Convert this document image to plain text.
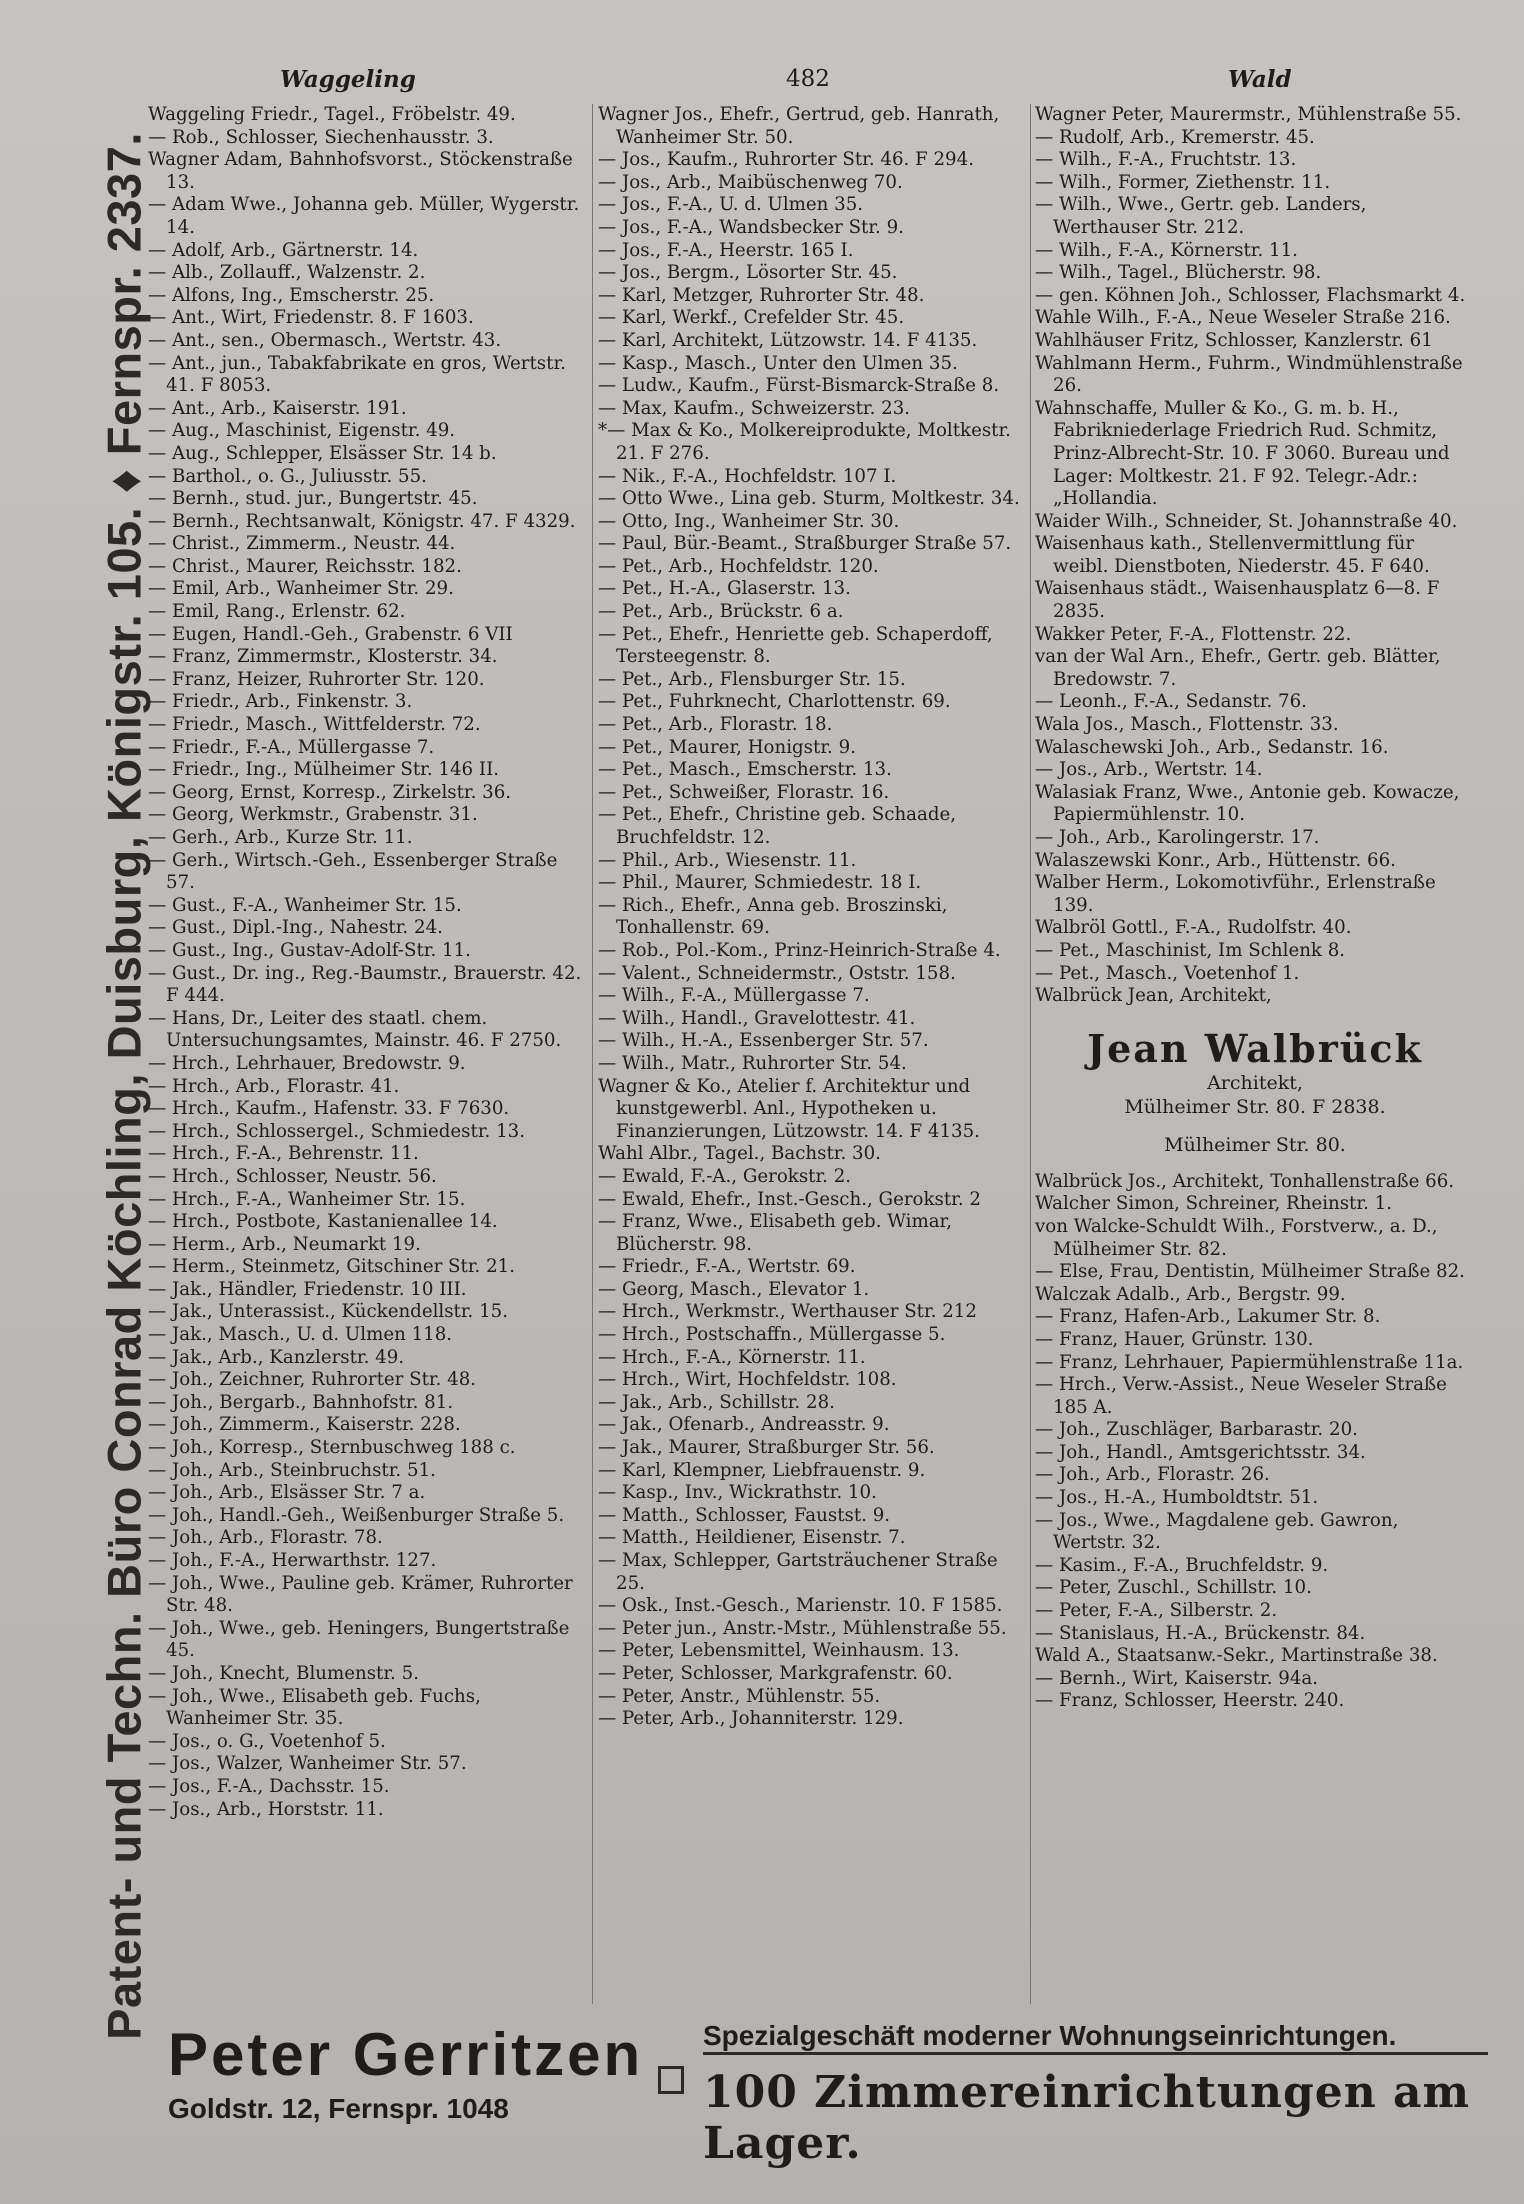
Patent- und Techn. Büro Conrad Köchling, Duisburg, Königstr. 105. ♦ Fernspr. 2337.
Waggeling	482	Wald
Waggeling Friedr., Tagel., Fröbelstr. 49.
— Rob., Schlosser, Siechenhausstr. 3.
Wagner Adam, Bahnhofsvorst., Stöckenstraße 13.
— Adam Wwe., Johanna geb. Müller, Wygerstr. 14.
— Adolf, Arb., Gärtnerstr. 14.
— Alb., Zollauff., Walzenstr. 2.
— Alfons, Ing., Emscherstr. 25.
— Ant., Wirt, Friedenstr. 8. F 1603.
— Ant., sen., Obermasch., Wertstr. 43.
— Ant., jun., Tabakfabrikate en gros, Wertstr. 41. F 8053.
— Ant., Arb., Kaiserstr. 191.
— Aug., Maschinist, Eigenstr. 49.
— Aug., Schlepper, Elsässer Str. 14 b.
— Barthol., o. G., Juliusstr. 55.
— Bernh., stud. jur., Bungertstr. 45.
— Bernh., Rechtsanwalt, Königstr. 47. F 4329.
— Christ., Zimmerm., Neustr. 44.
— Christ., Maurer, Reichsstr. 182.
— Emil, Arb., Wanheimer Str. 29.
— Emil, Rang., Erlenstr. 62.
— Eugen, Handl.-Geh., Grabenstr. 6 VII
— Franz, Zimmermstr., Klosterstr. 34.
— Franz, Heizer, Ruhrorter Str. 120.
— Friedr., Arb., Finkenstr. 3.
— Friedr., Masch., Wittfelderstr. 72.
— Friedr., F.-A., Müllergasse 7.
— Friedr., Ing., Mülheimer Str. 146 II.
— Georg, Ernst, Korresp., Zirkelstr. 36.
— Georg, Werkmstr., Grabenstr. 31.
— Gerh., Arb., Kurze Str. 11.
— Gerh., Wirtsch.-Geh., Essenberger Straße 57.
— Gust., F.-A., Wanheimer Str. 15.
— Gust., Dipl.-Ing., Nahestr. 24.
— Gust., Ing., Gustav-Adolf-Str. 11.
— Gust., Dr. ing., Reg.-Baumstr., Brauerstr. 42. F 444.
— Hans, Dr., Leiter des staatl. chem. Untersuchungsamtes, Mainstr. 46. F 2750.
— Hrch., Lehrhauer, Bredowstr. 9.
— Hrch., Arb., Florastr. 41.
— Hrch., Kaufm., Hafenstr. 33. F 7630.
— Hrch., Schlossergel., Schmiedestr. 13.
— Hrch., F.-A., Behrenstr. 11.
— Hrch., Schlosser, Neustr. 56.
— Hrch., F.-A., Wanheimer Str. 15.
— Hrch., Postbote, Kastanienallee 14.
— Herm., Arb., Neumarkt 19.
— Herm., Steinmetz, Gitschiner Str. 21.
— Jak., Händler, Friedenstr. 10 III.
— Jak., Unterassist., Kückendellstr. 15.
— Jak., Masch., U. d. Ulmen 118.
— Jak., Arb., Kanzlerstr. 49.
— Joh., Zeichner, Ruhrorter Str. 48.
— Joh., Bergarb., Bahnhofstr. 81.
— Joh., Zimmerm., Kaiserstr. 228.
— Joh., Korresp., Sternbuschweg 188 c.
— Joh., Arb., Steinbruchstr. 51.
— Joh., Arb., Elsässer Str. 7 a.
— Joh., Handl.-Geh., Weißenburger Straße 5.
— Joh., Arb., Florastr. 78.
— Joh., F.-A., Herwarthstr. 127.
— Joh., Wwe., Pauline geb. Krämer, Ruhrorter Str. 48.
— Joh., Wwe., geb. Heningers, Bungertstraße 45.
— Joh., Knecht, Blumenstr. 5.
— Joh., Wwe., Elisabeth geb. Fuchs, Wanheimer Str. 35.
— Jos., o. G., Voetenhof 5.
— Jos., Walzer, Wanheimer Str. 57.
— Jos., F.-A., Dachsstr. 15.
— Jos., Arb., Horststr. 11.
Wagner Jos., Ehefr., Gertrud, geb. Hanrath, Wanheimer Str. 50.
— Jos., Kaufm., Ruhrorter Str. 46. F 294.
— Jos., Arb., Maibüschenweg 70.
— Jos., F.-A., U. d. Ulmen 35.
— Jos., F.-A., Wandsbecker Str. 9.
— Jos., F.-A., Heerstr. 165 I.
— Jos., Bergm., Lösorter Str. 45.
— Karl, Metzger, Ruhrorter Str. 48.
— Karl, Werkf., Crefelder Str. 45.
— Karl, Architekt, Lützowstr. 14. F 4135.
— Kasp., Masch., Unter den Ulmen 35.
— Ludw., Kaufm., Fürst-Bismarck-Straße 8.
— Max, Kaufm., Schweizerstr. 23.
*— Max & Ko., Molkereiprodukte, Moltkestr. 21. F 276.
— Nik., F.-A., Hochfeldstr. 107 I.
— Otto Wwe., Lina geb. Sturm, Moltkestr. 34.
— Otto, Ing., Wanheimer Str. 30.
— Paul, Bür.-Beamt., Straßburger Straße 57.
— Pet., Arb., Hochfeldstr. 120.
— Pet., H.-A., Glaserstr. 13.
— Pet., Arb., Brückstr. 6 a.
— Pet., Ehefr., Henriette geb. Schaperdoff, Tersteegenstr. 8.
— Pet., Arb., Flensburger Str. 15.
— Pet., Fuhrknecht, Charlottenstr. 69.
— Pet., Arb., Florastr. 18.
— Pet., Maurer, Honigstr. 9.
— Pet., Masch., Emscherstr. 13.
— Pet., Schweißer, Florastr. 16.
— Pet., Ehefr., Christine geb. Schaade, Bruchfeldstr. 12.
— Phil., Arb., Wiesenstr. 11.
— Phil., Maurer, Schmiedestr. 18 I.
— Rich., Ehefr., Anna geb. Broszinski, Tonhallenstr. 69.
— Rob., Pol.-Kom., Prinz-Heinrich-Straße 4.
— Valent., Schneidermstr., Oststr. 158.
— Wilh., F.-A., Müllergasse 7.
— Wilh., Handl., Gravelottestr. 41.
— Wilh., H.-A., Essenberger Str. 57.
— Wilh., Matr., Ruhrorter Str. 54.
Wagner & Ko., Atelier f. Architektur und kunstgewerbl. Anl., Hypotheken u. Finanzierungen, Lützowstr. 14. F 4135.
Wahl Albr., Tagel., Bachstr. 30.
— Ewald, F.-A., Gerokstr. 2.
— Ewald, Ehefr., Inst.-Gesch., Gerokstr. 2
— Franz, Wwe., Elisabeth geb. Wimar, Blücherstr. 98.
— Friedr., F.-A., Wertstr. 69.
— Georg, Masch., Elevator 1.
— Hrch., Werkmstr., Werthauser Str. 212
— Hrch., Postschaffn., Müllergasse 5.
— Hrch., F.-A., Körnerstr. 11.
— Hrch., Wirt, Hochfeldstr. 108.
— Jak., Arb., Schillstr. 28.
— Jak., Ofenarb., Andreasstr. 9.
— Jak., Maurer, Straßburger Str. 56.
— Karl, Klempner, Liebfrauenstr. 9.
— Kasp., Inv., Wickrathstr. 10.
— Matth., Schlosser, Faustst. 9.
— Matth., Heildiener, Eisenstr. 7.
— Max, Schlepper, Gartsträuchener Straße 25.
— Osk., Inst.-Gesch., Marienstr. 10. F 1585.
— Peter jun., Anstr.-Mstr., Mühlenstraße 55.
— Peter, Lebensmittel, Weinhausm. 13.
— Peter, Schlosser, Markgrafenstr. 60.
— Peter, Anstr., Mühlenstr. 55.
— Peter, Arb., Johanniterstr. 129.
Wagner Peter, Maurermstr., Mühlenstraße 55.
— Rudolf, Arb., Kremerstr. 45.
— Wilh., F.-A., Fruchtstr. 13.
— Wilh., Former, Ziethenstr. 11.
— Wilh., Wwe., Gertr. geb. Landers, Werthauser Str. 212.
— Wilh., F.-A., Körnerstr. 11.
— Wilh., Tagel., Blücherstr. 98.
— gen. Köhnen Joh., Schlosser, Flachsmarkt 4.
Wahle Wilh., F.-A., Neue Weseler Straße 216.
Wahlhäuser Fritz, Schlosser, Kanzlerstr. 61
Wahlmann Herm., Fuhrm., Windmühlenstraße 26.
Wahnschaffe, Muller & Ko., G. m. b. H., Fabrikniederlage Friedrich Rud. Schmitz, Prinz-Albrecht-Str. 10. F 3060. Bureau und Lager: Moltkestr. 21. F 92. Telegr.-Adr.: „Hollandia.
Waider Wilh., Schneider, St. Johannstraße 40.
Waisenhaus kath., Stellenvermittlung für weibl. Dienstboten, Niederstr. 45. F 640.
Waisenhaus städt., Waisenhausplatz 6—8. F 2835.
Wakker Peter, F.-A., Flottenstr. 22.
van der Wal Arn., Ehefr., Gertr. geb. Blätter, Bredowstr. 7.
— Leonh., F.-A., Sedanstr. 76.
Wala Jos., Masch., Flottenstr. 33.
Walaschewski Joh., Arb., Sedanstr. 16.
— Jos., Arb., Wertstr. 14.
Walasiak Franz, Wwe., Antonie geb. Kowacze, Papiermühlenstr. 10.
— Joh., Arb., Karolingerstr. 17.
Walaszewski Konr., Arb., Hüttenstr. 66.
Walber Herm., Lokomotivführ., Erlenstraße 139.
Walbröl Gottl., F.-A., Rudolfstr. 40.
— Pet., Maschinist, Im Schlenk 8.
— Pet., Masch., Voetenhof 1.
Walbrück Jean, Architekt,
Jean Walbrück
Architekt,
Mülheimer Str. 80. F 2838.
Mülheimer Str. 80.
Walbrück Jos., Architekt, Tonhallenstraße 66.
Walcher Simon, Schreiner, Rheinstr. 1.
von Walcke-Schuldt Wilh., Forstverw., a. D., Mülheimer Str. 82.
— Else, Frau, Dentistin, Mülheimer Straße 82.
Walczak Adalb., Arb., Bergstr. 99.
— Franz, Hafen-Arb., Lakumer Str. 8.
— Franz, Hauer, Grünstr. 130.
— Franz, Lehrhauer, Papiermühlenstraße 11a.
— Hrch., Verw.-Assist., Neue Weseler Straße 185 A.
— Joh., Zuschläger, Barbarastr. 20.
— Joh., Handl., Amtsgerichtsstr. 34.
— Joh., Arb., Florastr. 26.
— Jos., H.-A., Humboldtstr. 51.
— Jos., Wwe., Magdalene geb. Gawron, Wertstr. 32.
— Kasim., F.-A., Bruchfeldstr. 9.
— Peter, Zuschl., Schillstr. 10.
— Peter, F.-A., Silberstr. 2.
— Stanislaus, H.-A., Brückenstr. 84.
Wald A., Staatsanw.-Sekr., Martinstraße 38.
— Bernh., Wirt, Kaiserstr. 94a.
— Franz, Schlosser, Heerstr. 240.
Peter Gerritzen
Goldstr. 12, Fernspr. 1048
Spezialgeschäft moderner Wohnungseinrichtungen.
100 Zimmereinrichtungen am Lager.
